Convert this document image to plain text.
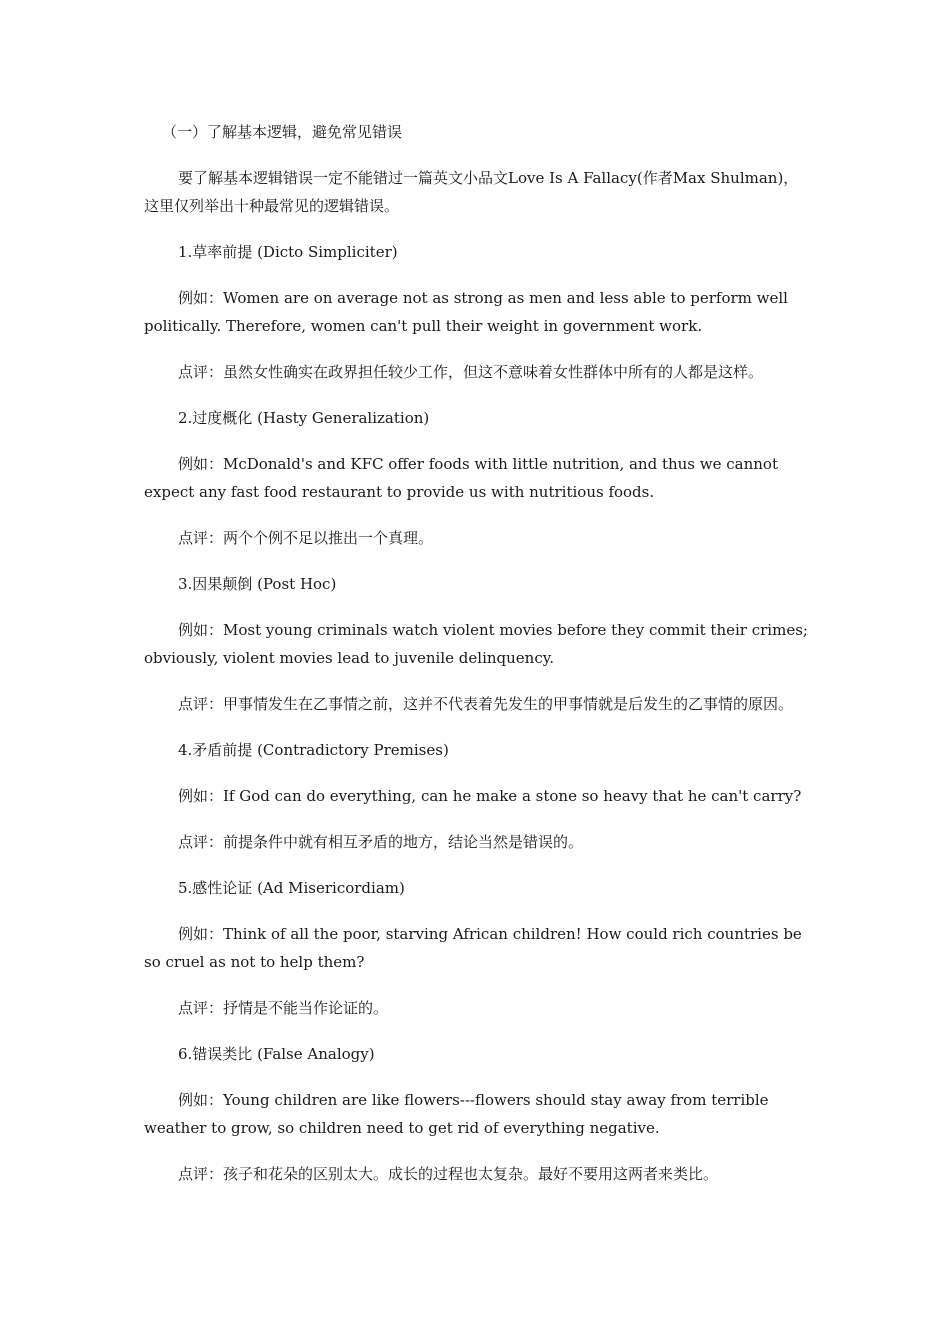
（一）了解基本逻辑，避免常见错误

要了解基本逻辑错误一定不能错过一篇英文小品文Love Is A Fallacy(作者Max Shulman)，这里仅列举出十种最常见的逻辑错误。

1.草率前提 (Dicto Simpliciter)

例如：Women are on average not as strong as men and less able to perform well politically. Therefore, women can't pull their weight in government work.

点评：虽然女性确实在政界担任较少工作，但这不意味着女性群体中所有的人都是这样。

2.过度概化 (Hasty Generalization)

例如：McDonald's and KFC offer foods with little nutrition, and thus we cannot expect any fast food restaurant to provide us with nutritious foods.

点评：两个个例不足以推出一个真理。

3.因果颠倒 (Post Hoc)

例如：Most young criminals watch violent movies before they commit their crimes; obviously, violent movies lead to juvenile delinquency.

点评：甲事情发生在乙事情之前，这并不代表着先发生的甲事情就是后发生的乙事情的原因。

4.矛盾前提 (Contradictory Premises)

例如：If God can do everything, can he make a stone so heavy that he can't carry?

点评：前提条件中就有相互矛盾的地方，结论当然是错误的。

5.感性论证 (Ad Misericordiam)

例如：Think of all the poor, starving African children! How could rich countries be so cruel as not to help them?

点评：抒情是不能当作论证的。

6.错误类比 (False Analogy)

例如：Young children are like flowers---flowers should stay away from terrible weather to grow, so children need to get rid of everything negative.

点评：孩子和花朵的区别太大。成长的过程也太复杂。最好不要用这两者来类比。
